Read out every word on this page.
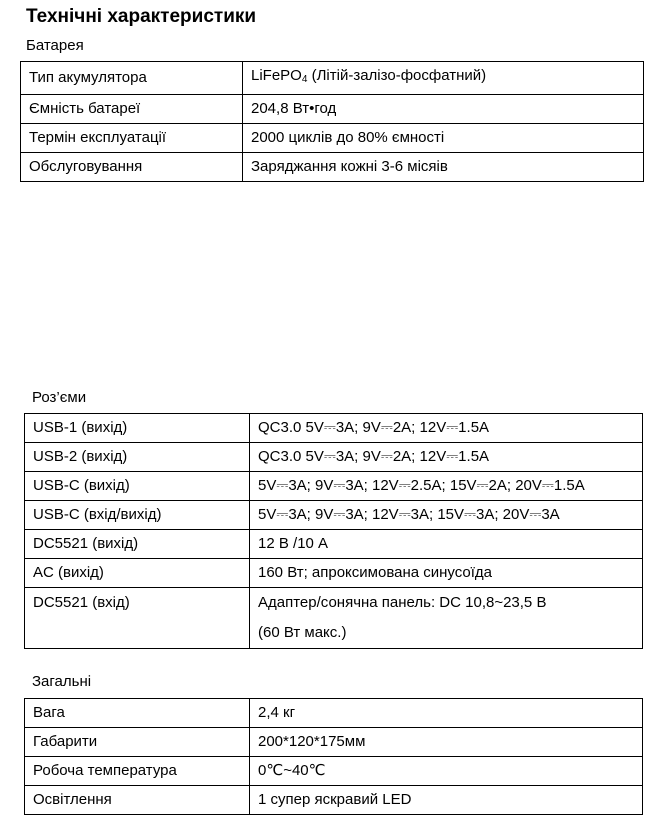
Технічні характеристики
Батарея
Тип акумулятора	LiFePO$_4$ (Літій-залізо-фосфатний)
Ємність батареї	204,8 Вт•год
Термін експлуатації	2000 циклів до 80% ємності
Обслуговування	Заряджання кожні 3-6 місяів
Роз’єми
USB-1 (вихід)	QC3.0 5V⎓3A; 9V⎓2A; 12V⎓1.5A
USB-2 (вихід)	QC3.0 5V⎓3A; 9V⎓2A; 12V⎓1.5A
USB-C (вихід)	5V⎓3A; 9V⎓3A; 12V⎓2.5A; 15V⎓2A; 20V⎓1.5A
USB-C (вхід/вихід)	5V⎓3A; 9V⎓3A; 12V⎓3A; 15V⎓3A; 20V⎓3A
DC5521 (вихід)	12 В /10 А
AC (вихід)	160 Вт; апроксимована синусоїда
DC5521 (вхід)	Адаптер/сонячна панель: DC 10,8~23,5 В
(60 Вт макс.)
Загальні
Вага	2,4 кг
Габарити	200*120*175мм
Робоча температура	0℃~40℃
Освітлення	1 супер яскравий LED
